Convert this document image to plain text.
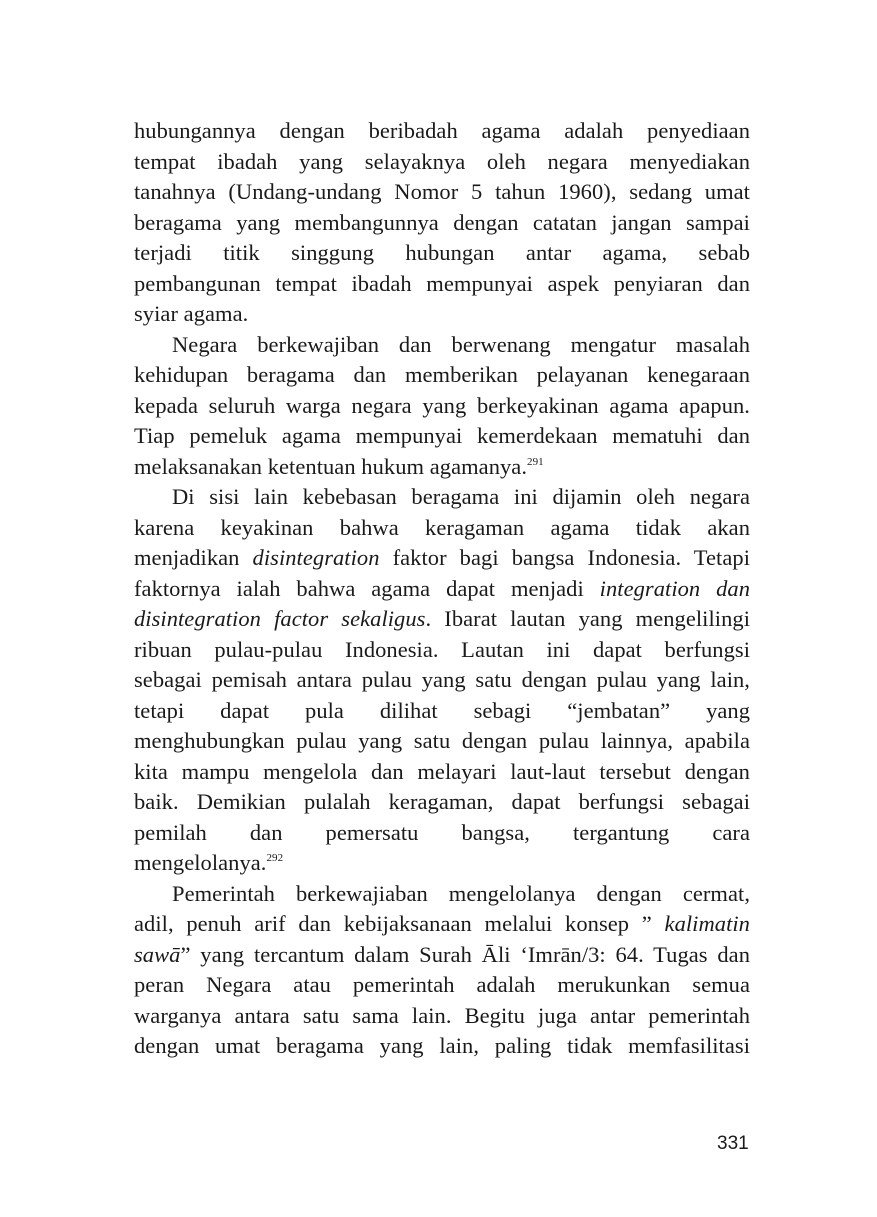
hubungannya dengan beribadah agama adalah penyediaan
tempat ibadah yang selayaknya oleh negara menyediakan
tanahnya (Undang-undang Nomor 5 tahun 1960), sedang umat
beragama yang membangunnya dengan catatan jangan sampai
terjadi titik singgung hubungan antar agama, sebab
pembangunan tempat ibadah mempunyai aspek penyiaran dan
syiar agama.

Negara berkewajiban dan berwenang mengatur masalah
kehidupan beragama dan memberikan pelayanan kenegaraan
kepada seluruh warga negara yang berkeyakinan agama apapun.
Tiap pemeluk agama mempunyai kemerdekaan mematuhi dan
melaksanakan ketentuan hukum agamanya.$^{291}$

Di sisi lain kebebasan beragama ini dijamin oleh negara
karena keyakinan bahwa keragaman agama tidak akan
menjadikan disintegration faktor bagi bangsa Indonesia. Tetapi
faktornya ialah bahwa agama dapat menjadi integration dan
disintegration factor sekaligus. Ibarat lautan yang mengelilingi
ribuan pulau-pulau Indonesia. Lautan ini dapat berfungsi
sebagai pemisah antara pulau yang satu dengan pulau yang lain,
tetapi dapat pula dilihat sebagi “jembatan” yang
menghubungkan pulau yang satu dengan pulau lainnya, apabila
kita mampu mengelola dan melayari laut-laut tersebut dengan
baik. Demikian pulalah keragaman, dapat berfungsi sebagai
pemilah dan pemersatu bangsa, tergantung cara
mengelolanya.$^{292}$

Pemerintah berkewajiaban mengelolanya dengan cermat,
adil, penuh arif dan kebijaksanaan melalui konsep ” kalimatin
sawā” yang tercantum dalam Surah Āli ‘Imrān/3: 64. Tugas dan
peran Negara atau pemerintah adalah merukunkan semua
warganya antara satu sama lain. Begitu juga antar pemerintah
dengan umat beragama yang lain, paling tidak memfasilitasi

331
